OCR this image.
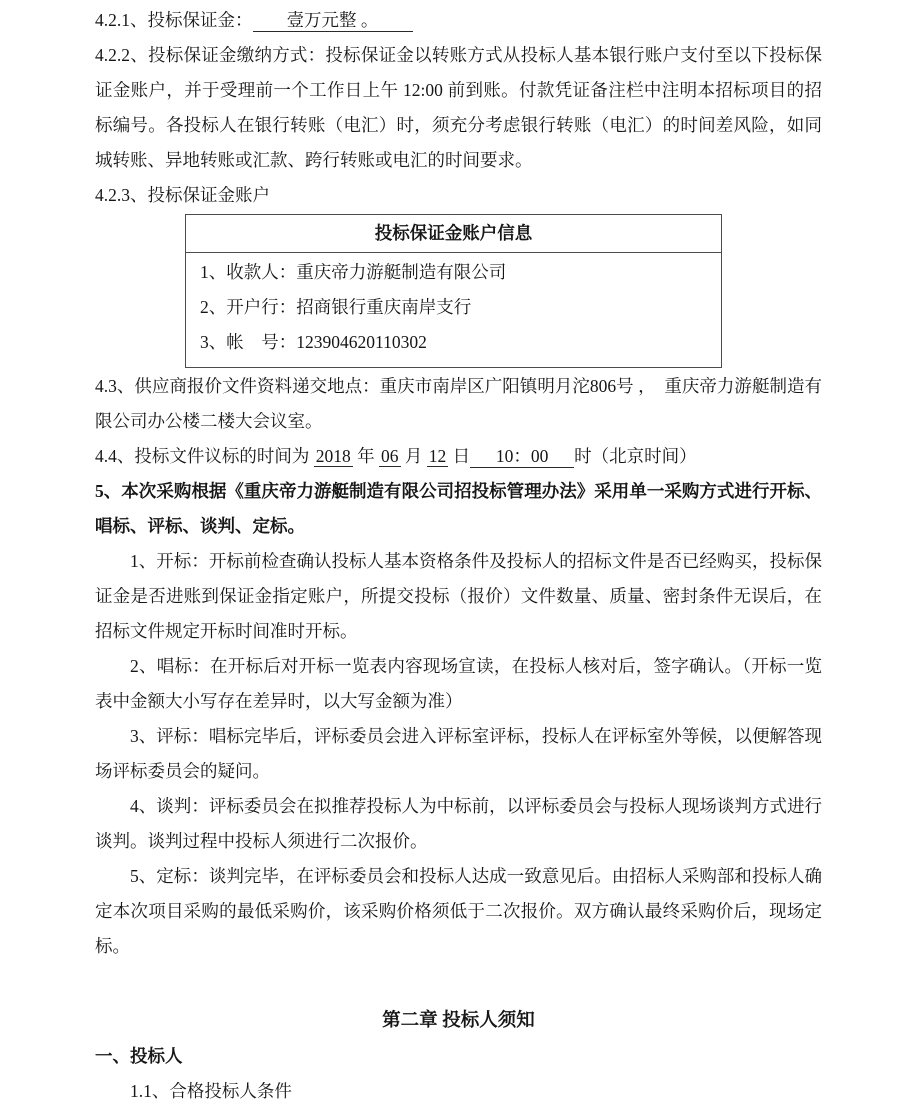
4.2.1、投标保证金： 壹万元整 。

4.2.2、投标保证金缴纳方式：投标保证金以转账方式从投标人基本银行账户支付至以下投标保证金账户，并于受理前一个工作日上午 12:00 前到账。付款凭证备注栏中注明本招标项目的招标编号。各投标人在银行转账（电汇）时，须充分考虑银行转账（电汇）的时间差风险，如同城转账、异地转账或汇款、跨行转账或电汇的时间要求。

4.2.3、投标保证金账户

投标保证金账户信息

1、收款人：重庆帝力游艇制造有限公司
2、开户行：招商银行重庆南岸支行
3、帐　号：123904620110302

4.3、供应商报价文件资料递交地点：重庆市南岸区广阳镇明月沱806号 ，　重庆帝力游艇制造有限公司办公楼二楼大会议室。

4.4、投标文件议标的时间为 2018 年 06 月 12 日 10：00 时（北京时间）

5、本次采购根据《重庆帝力游艇制造有限公司招投标管理办法》采用单一采购方式进行开标、唱标、评标、谈判、定标。

1、开标：开标前检查确认投标人基本资格条件及投标人的招标文件是否已经购买，投标保证金是否进账到保证金指定账户，所提交投标（报价）文件数量、质量、密封条件无误后，在招标文件规定开标时间准时开标。

2、唱标：在开标后对开标一览表内容现场宣读，在投标人核对后，签字确认。（开标一览表中金额大小写存在差异时，以大写金额为准）

3、评标：唱标完毕后，评标委员会进入评标室评标，投标人在评标室外等候，以便解答现场评标委员会的疑问。

4、谈判：评标委员会在拟推荐投标人为中标前，以评标委员会与投标人现场谈判方式进行谈判。谈判过程中投标人须进行二次报价。

5、定标：谈判完毕，在评标委员会和投标人达成一致意见后。由招标人采购部和投标人确定本次项目采购的最低采购价，该采购价格须低于二次报价。双方确认最终采购价后，现场定标。

第二章 投标人须知

一、投标人

1.1、合格投标人条件
